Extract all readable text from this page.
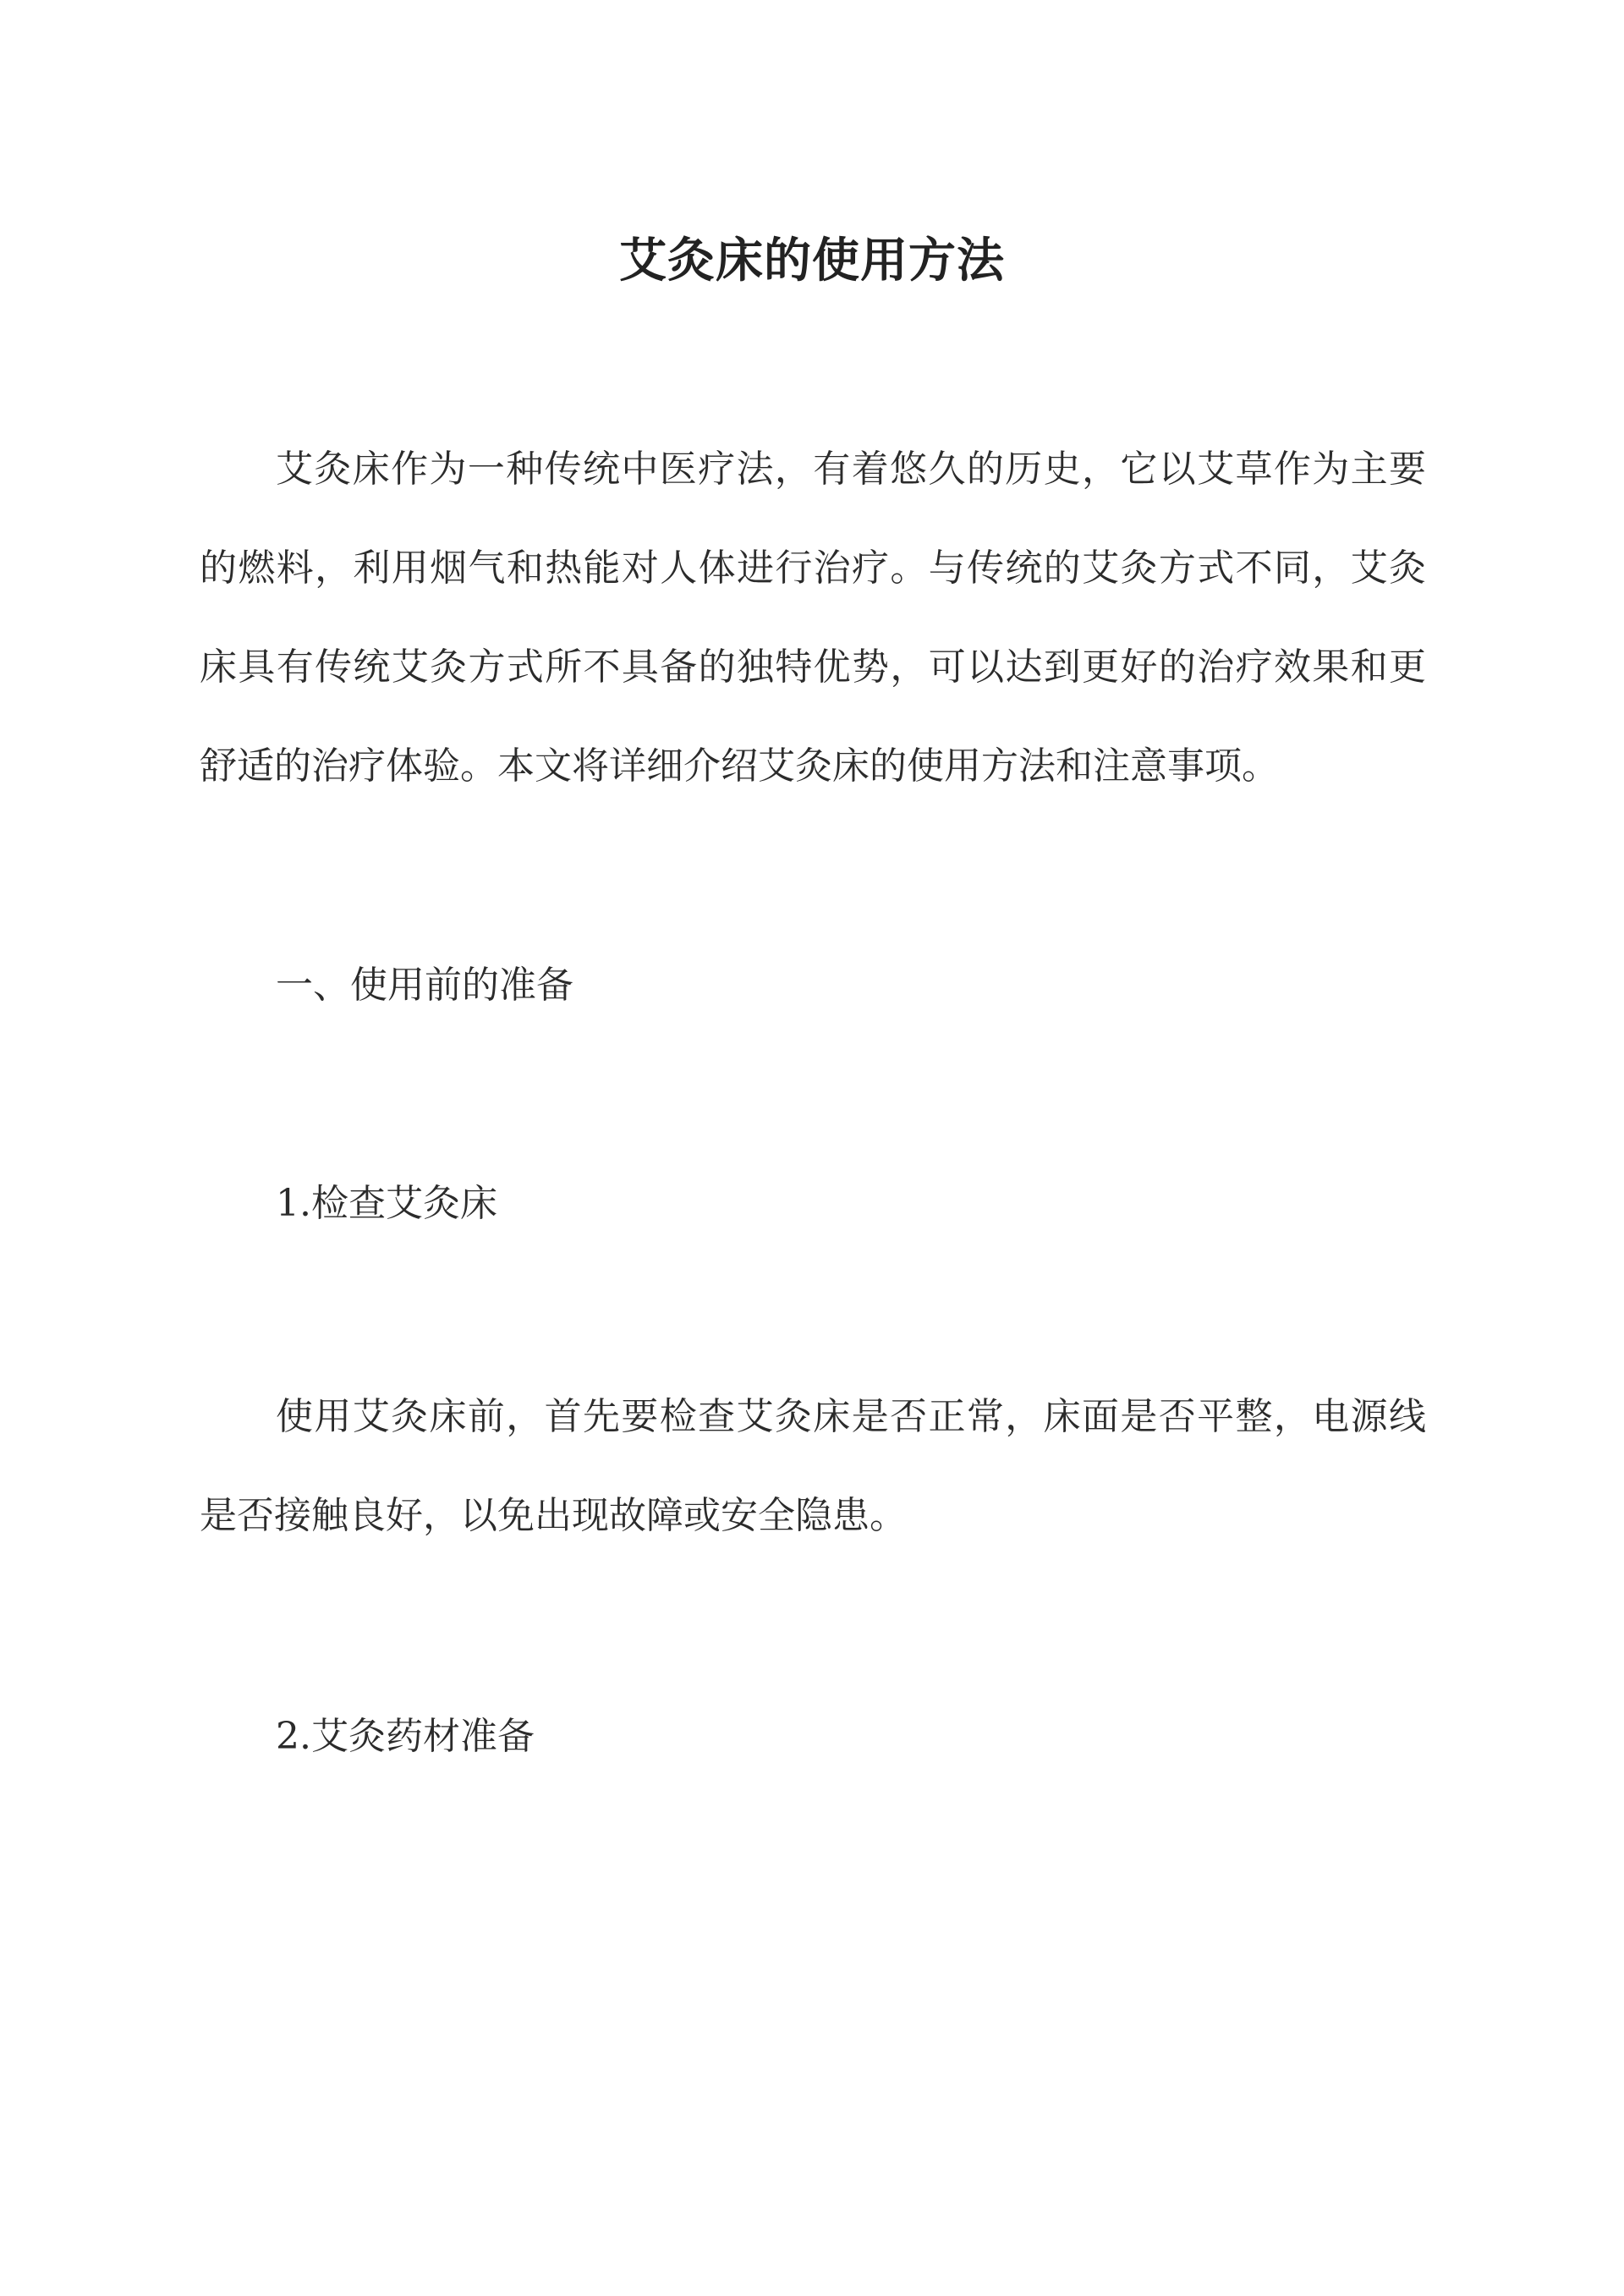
艾灸床的使用方法

艾灸床作为一种传统中医疗法，有着悠久的历史，它以艾草作为主要的燃料，利用烟气和热能对人体进行治疗。与传统的艾灸方式不同，艾灸床具有传统艾灸方式所不具备的独特优势，可以达到更好的治疗效果和更舒适的治疗体验。本文将详细介绍艾灸床的使用方法和注意事项。

一、使用前的准备
1.检查艾灸床

使用艾灸床前，首先要检查艾灸床是否正常，床面是否平整，电源线是否接触良好，以免出现故障或安全隐患。

2.艾灸药材准备
